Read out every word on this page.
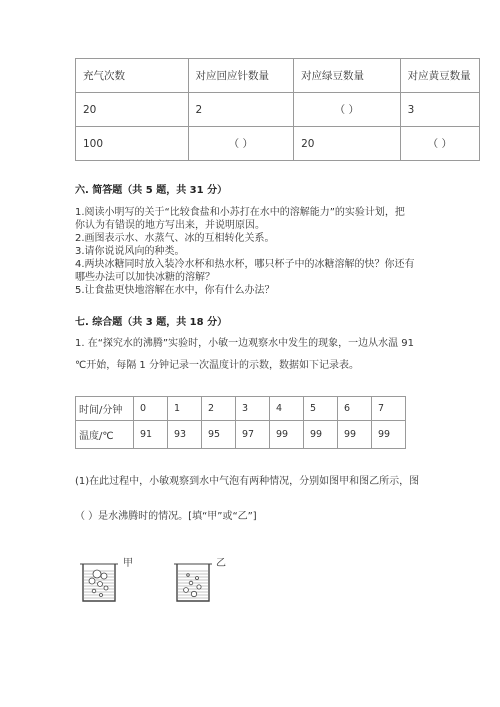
充气次数	对应回应针数量	对应绿豆数量	对应黄豆数量
20	2	（ ）	3
100	（ ）	20	（ ）
六. 简答题（共 5 题，共 31 分）
1.阅读小明写的关于“比较食盐和小苏打在水中的溶解能力”的实验计划，把
你认为有错误的地方写出来，并说明原因。
2.画图表示水、水蒸气、冰的互相转化关系。
3.请你说说风向的种类。
4.两块冰糖同时放入装冷水杯和热水杯，哪只杯子中的冰糖溶解的快？你还有
哪些办法可以加快冰糖的溶解？
5.让食盐更快地溶解在水中，你有什么办法？
七. 综合题（共 3 题，共 18 分）
1. 在“探究水的沸腾”实验时，小敏一边观察水中发生的现象，一边从水温 91
℃开始，每隔 1 分钟记录一次温度计的示数，数据如下记录表。
时间/分钟	0	1	2	3	4	5	6	7
温度/℃	91	93	95	97	99	99	99	99
(1)在此过程中，小敏观察到水中气泡有两种情况，分别如图甲和图乙所示，图
（ ）是水沸腾时的情况。[填“甲”或“乙”]
甲	乙
